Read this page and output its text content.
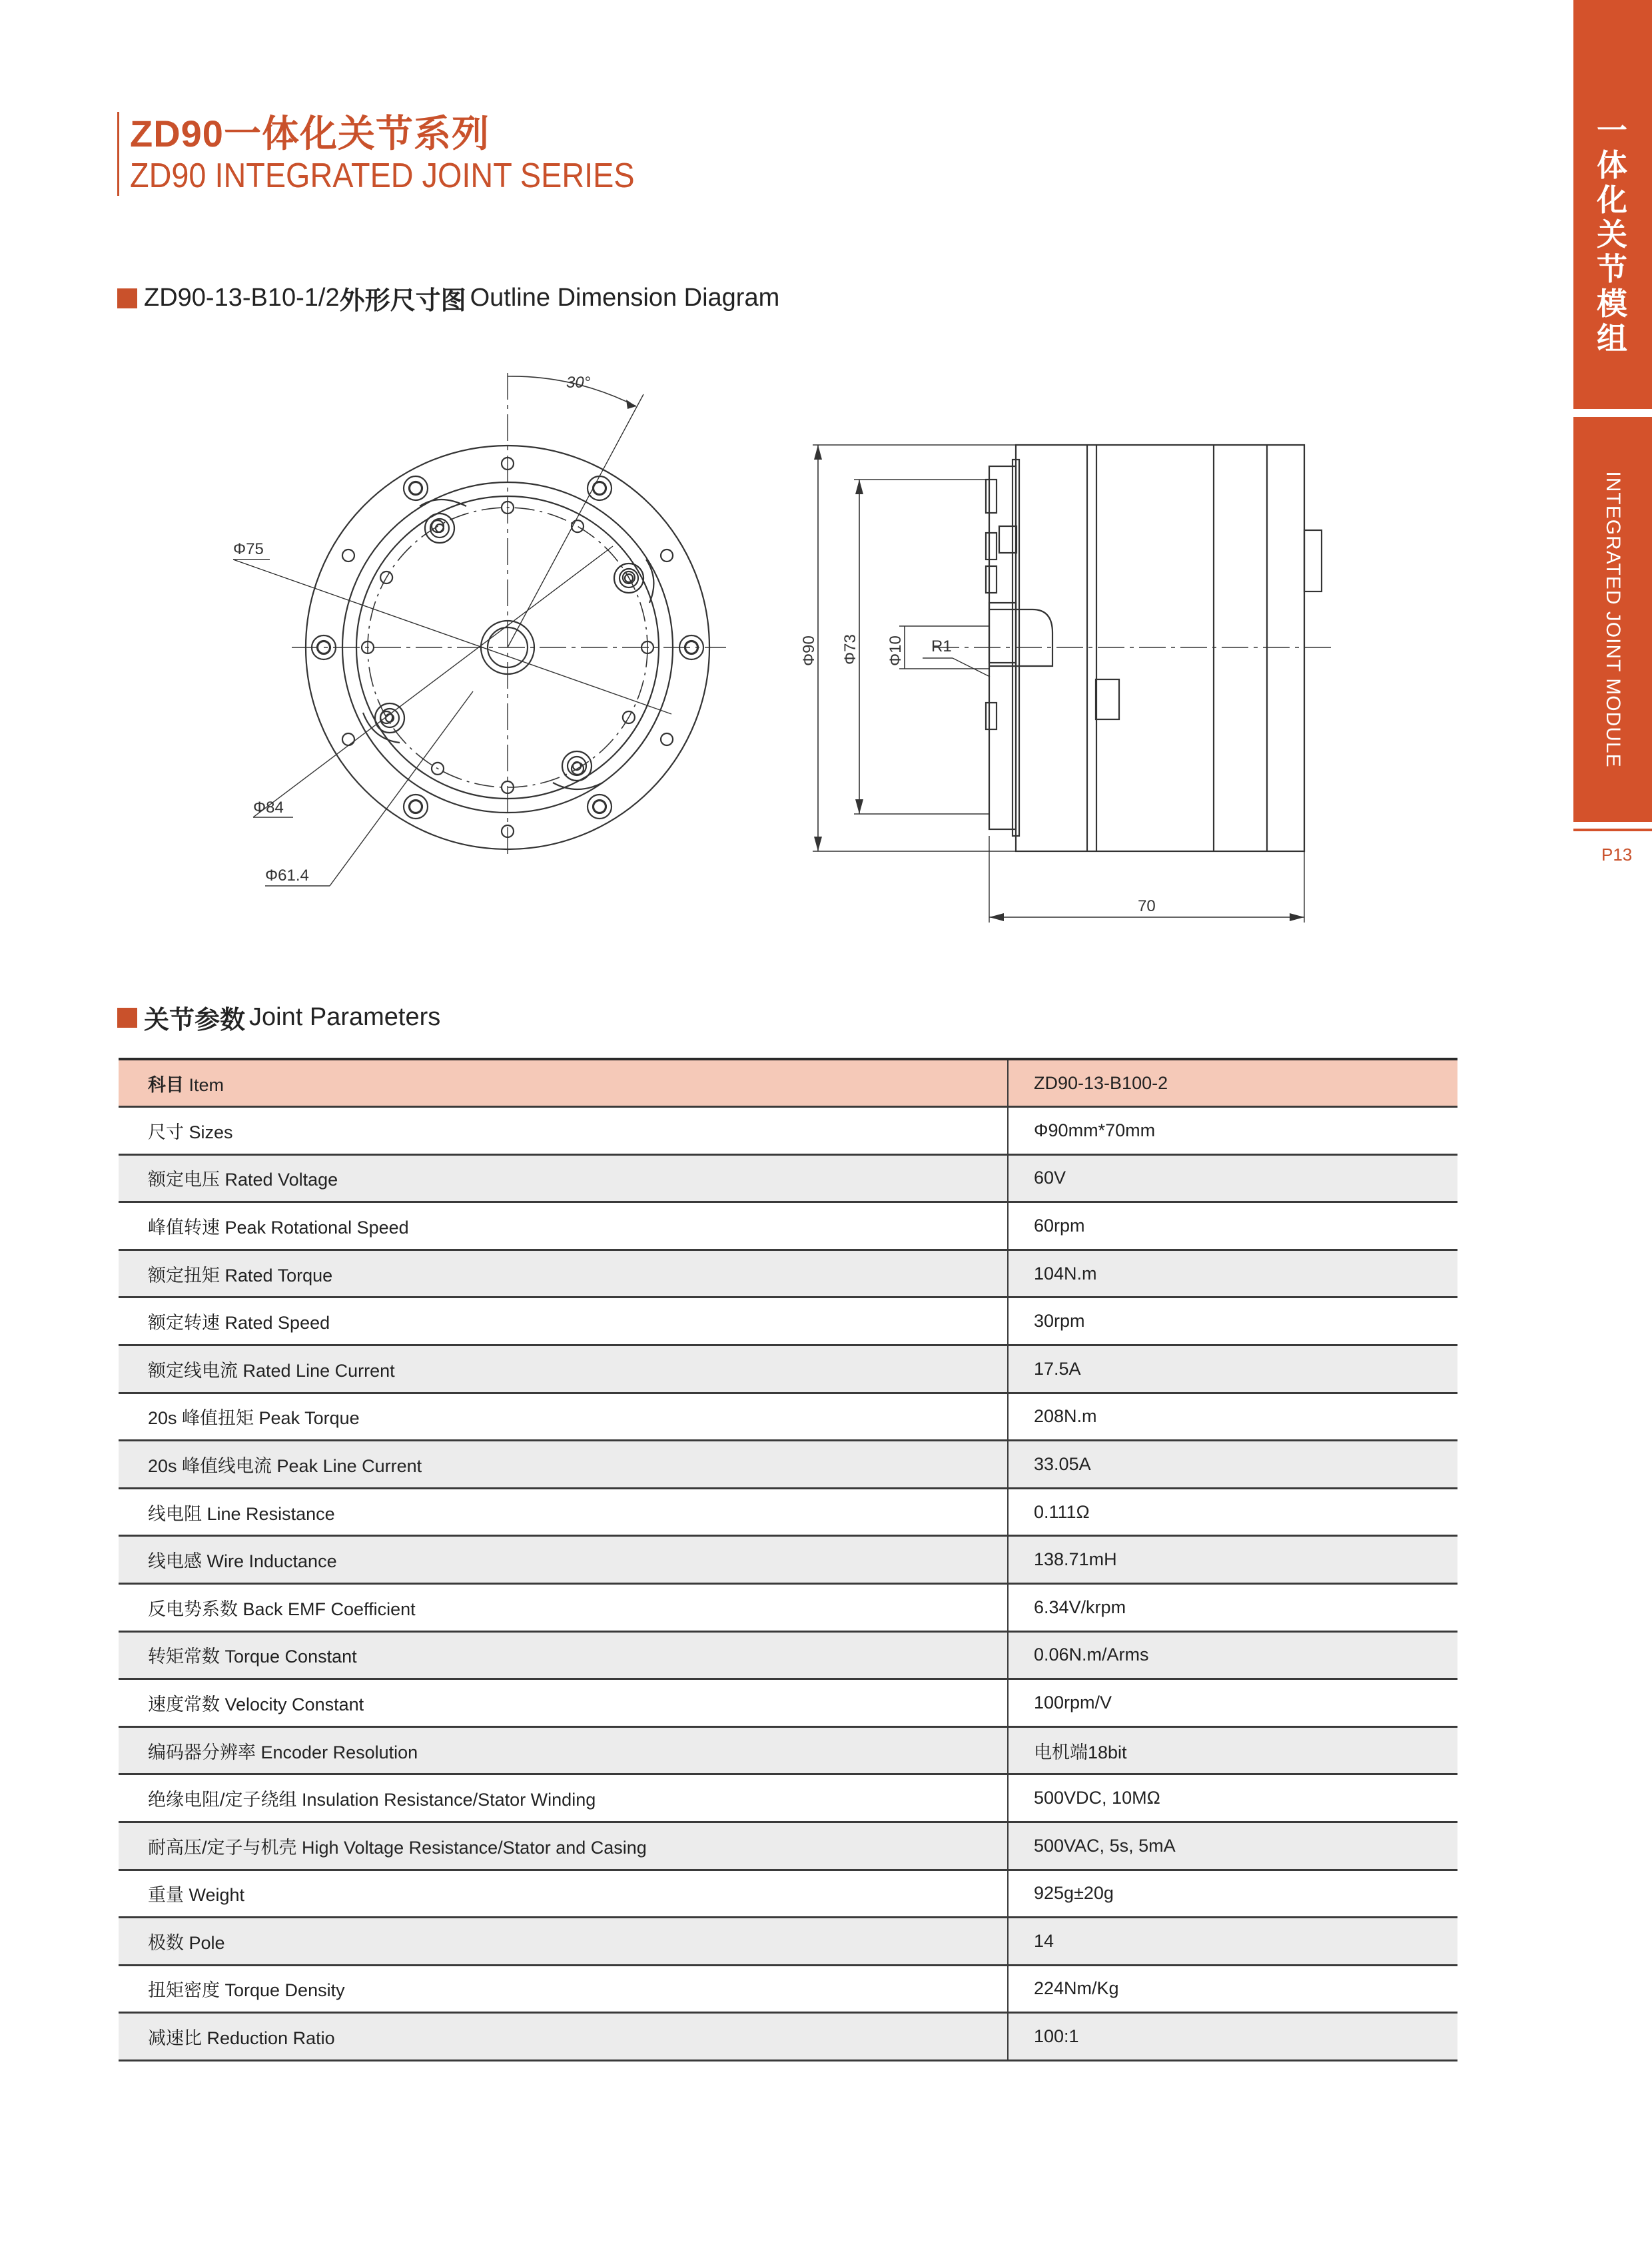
ZD90一体化关节系列
ZD90 INTEGRATED JOINT SERIES
一
体
化
关
节
模
组
INTEGRATED JOINT MODULE
P13
ZD90-13-B10-1/2 外形尺寸图 Outline Dimension Diagram
30°
Φ75
Φ84
Φ61.4
Φ90 Φ73 Φ10 R1
70
关节参数 Joint Parameters
科目 Item	ZD90-13-B100-2
尺寸 Sizes	Φ90mm*70mm
额定电压 Rated Voltage	60V
峰值转速 Peak Rotational Speed	60rpm
额定扭矩 Rated Torque	104N.m
额定转速 Rated Speed	30rpm
额定线电流 Rated Line Current	17.5A
20s 峰值扭矩 Peak Torque	208N.m
20s 峰值线电流 Peak Line Current	33.05A
线电阻 Line Resistance	0.111Ω
线电感 Wire Inductance	138.71mH
反电势系数 Back EMF Coefficient	6.34V/krpm
转矩常数 Torque Constant	0.06N.m/Arms
速度常数 Velocity Constant	100rpm/V
编码器分辨率 Encoder Resolution	电机端18bit
绝缘电阻/定子绕组 Insulation Resistance/Stator Winding	500VDC, 10MΩ
耐高压/定子与机壳 High Voltage Resistance/Stator and Casing	500VAC, 5s, 5mA
重量 Weight	925g±20g
极数 Pole	14
扭矩密度 Torque Density	224Nm/Kg
减速比 Reduction Ratio	100:1
